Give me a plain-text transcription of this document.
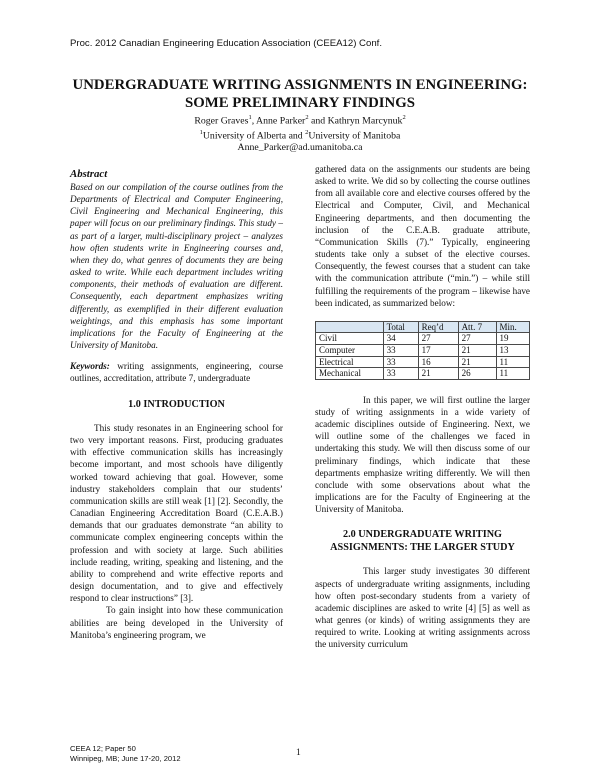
Proc. 2012 Canadian Engineering Education Association (CEEA12) Conf.
UNDERGRADUATE WRITING ASSIGNMENTS IN ENGINEERING:
SOME PRELIMINARY FINDINGS
Roger Graves$^1$, Anne Parker$^2$ and Kathryn Marcynuk$^2$
$^1$University of Alberta and $^2$University of Manitoba
Anne_Parker@ad.umanitoba.ca
Abstract

Based on our compilation of the course outlines from the Departments of Electrical and Computer Engineering, Civil Engineering and Mechanical Engineering, this paper will focus on our preliminary findings. This study – as part of a larger, multi-disciplinary project – analyzes how often students write in Engineering courses and, when they do, what genres of documents they are being asked to write. While each department includes writing components, their methods of evaluation are different. Consequently, each department emphasizes writing differently, as exemplified in their different evaluation weightings, and this emphasis has some important implications for the Faculty of Engineering at the University of Manitoba.

Keywords: writing assignments, engineering, course outlines, accreditation, attribute 7, undergraduate

1.0 INTRODUCTION

This study resonates in an Engineering school for two very important reasons. First, producing graduates with effective communication skills has increasingly become important, and most schools have diligently worked toward achieving that goal. However, some industry stakeholders complain that our students’ communication skills are still weak [1] [2]. Secondly, the Canadian Engineering Accreditation Board (C.E.A.B.) demands that our graduates demonstrate “an ability to communicate complex engineering concepts within the profession and with society at large. Such abilities include reading, writing, speaking and listening, and the ability to comprehend and write effective reports and design documentation, and to give and effectively respond to clear instructions” [3].

To gain insight into how these communication abilities are being developed in the University of Manitoba’s engineering program, we

gathered data on the assignments our students are being asked to write. We did so by collecting the course outlines from all available core and elective courses offered by the Electrical and Computer, Civil, and Mechanical Engineering departments, and then documenting the inclusion of the C.E.A.B. graduate attribute, “Communication Skills (7).” Typically, engineering students take only a subset of the elective courses. Consequently, the fewest courses that a student can take with the communication attribute (“min.”) – while still fulfilling the requirements of the program – likewise have been indicated, as summarized below:

	Total	Req’d	Att. 7	Min.
Civil	34	27	27	19
Computer	33	17	21	13
Electrical	33	16	21	11
Mechanical	33	21	26	11

In this paper, we will first outline the larger study of writing assignments in a wide variety of academic disciplines outside of Engineering. Next, we will outline some of the challenges we faced in undertaking this study. We will then discuss some of our preliminary findings, which indicate that these departments emphasize writing differently. We will then conclude with some observations about what the implications are for the Faculty of Engineering at the University of Manitoba.

2.0 UNDERGRADUATE WRITING
ASSIGNMENTS: THE LARGER STUDY

This larger study investigates 30 different aspects of undergraduate writing assignments, including how often post-secondary students from a variety of academic disciplines are asked to write [4] [5] as well as what genres (or kinds) of writing assignments they are required to write. Looking at writing assignments across the university curriculum

CEEA 12; Paper 50
Winnipeg, MB; June 17-20, 2012
1
